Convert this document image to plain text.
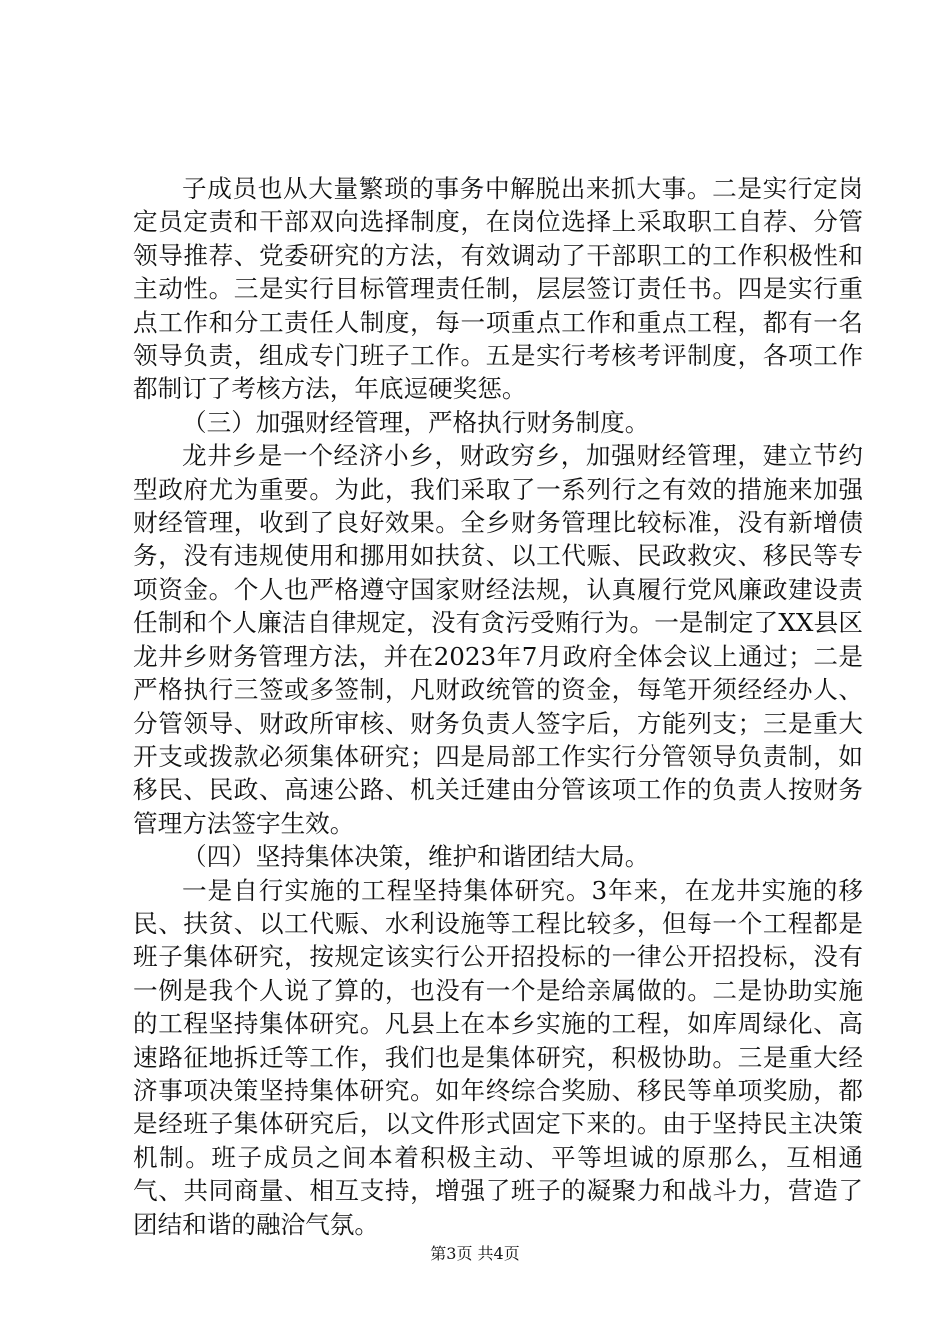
子成员也从大量繁琐的事务中解脱出来抓大事。二是实行定岗定员定责和干部双向选择制度，在岗位选择上采取职工自荐、分管领导推荐、党委研究的方法，有效调动了干部职工的工作积极性和主动性。三是实行目标管理责任制，层层签订责任书。四是实行重点工作和分工责任人制度，每一项重点工作和重点工程，都有一名领导负责，组成专门班子工作。五是实行考核考评制度，各项工作都制订了考核方法，年底逗硬奖惩。

（三）加强财经管理，严格执行财务制度。

龙井乡是一个经济小乡，财政穷乡，加强财经管理，建立节约型政府尤为重要。为此，我们采取了一系列行之有效的措施来加强财经管理，收到了良好效果。全乡财务管理比较标准，没有新增债务，没有违规使用和挪用如扶贫、以工代赈、民政救灾、移民等专项资金。个人也严格遵守国家财经法规，认真履行党风廉政建设责任制和个人廉洁自律规定，没有贪污受贿行为。一是制定了XX县区龙井乡财务管理方法，并在2023年7月政府全体会议上通过；二是严格执行三签或多签制，凡财政统管的资金，每笔开须经经办人、分管领导、财政所审核、财务负责人签字后，方能列支；三是重大开支或拨款必须集体研究；四是局部工作实行分管领导负责制，如移民、民政、高速公路、机关迁建由分管该项工作的负责人按财务管理方法签字生效。

（四）坚持集体决策，维护和谐团结大局。

一是自行实施的工程坚持集体研究。3年来，在龙井实施的移民、扶贫、以工代赈、水利设施等工程比较多，但每一个工程都是班子集体研究，按规定该实行公开招投标的一律公开招投标，没有一例是我个人说了算的，也没有一个是给亲属做的。二是协助实施的工程坚持集体研究。凡县上在本乡实施的工程，如库周绿化、高速路征地拆迁等工作，我们也是集体研究，积极协助。三是重大经济事项决策坚持集体研究。如年终综合奖励、移民等单项奖励，都是经班子集体研究后，以文件形式固定下来的。由于坚持民主决策机制。班子成员之间本着积极主动、平等坦诚的原那么，互相通气、共同商量、相互支持，增强了班子的凝聚力和战斗力，营造了团结和谐的融洽气氛。

第3页 共4页
